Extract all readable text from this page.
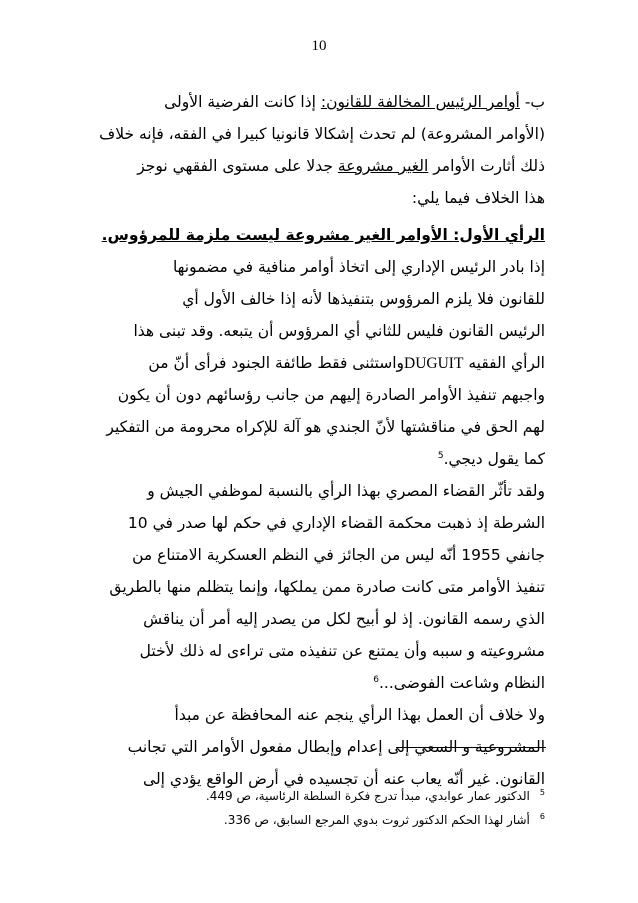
10
ب- أوامر الرئيس المخالفة للقانون: إذا كانت الفرضية الأولى
(الأوامر المشروعة) لم تحدث إشكالا قانونيا كبيرا في الفقه، فإنه خلاف
ذلك أثارت الأوامر الغير مشروعة جدلا على مستوى الفقهي نوجز
هذا الخلاف فيما يلي:
الرأي الأول: الأوامر الغير مشروعة ليست ملزمة للمرؤوس.
إذا بادر الرئيس الإداري إلى اتخاذ أوامر منافية في مضمونها
للقانون فلا يلزم المرؤوس بتنفيذها لأنه إذا خالف الأول أي
الرئيس القانون فليس للثاني أي المرؤوس أن يتبعه. وقد تبنى هذا
الرأي الفقيه DUGUITواستثنى فقط طائفة الجنود فرأى أنّ من
واجبهم تنفيذ الأوامر الصادرة إليهم من جانب رؤسائهم دون أن يكون
لهم الحق في مناقشتها لأنّ الجندي هو آلة للإكراه محرومة من التفكير
كما يقول ديجي.$^5$
ولقد تأثّر القضاء المصري بهذا الرأي بالنسبة لموظفي الجيش و
الشرطة إذ ذهبت محكمة القضاء الإداري في حكم لها صدر في 10
جانفي 1955 أنّه ليس من الجائز في النظم العسكرية الامتناع من
تنفيذ الأوامر متى كانت صادرة ممن يملكها، وإنما يتظلم منها بالطريق
الذي رسمه القانون. إذ لو أبيح لكل من يصدر إليه أمر أن يناقش
مشروعيته و سببه وأن يمتنع عن تنفيذه متى تراءى له ذلك لأختل
النظام وشاعت الفوضى...$^6$
ولا خلاف أن العمل بهذا الرأي ينجم عنه المحافظة عن مبدأ
المشروعية و السعي إلى إعدام وإبطال مفعول الأوامر التي تجانب
القانون. غير أنّه يعاب عنه أن تجسيده في أرض الواقع يؤدي إلى
$^5$الدكتور عمار عوابدي، مبدأ تدرج فكرة السلطة الرئاسية، ص 449.
$^6$أشار لهذا الحكم الدكتور ثروت بدوي المرجع السابق، ص 336.
